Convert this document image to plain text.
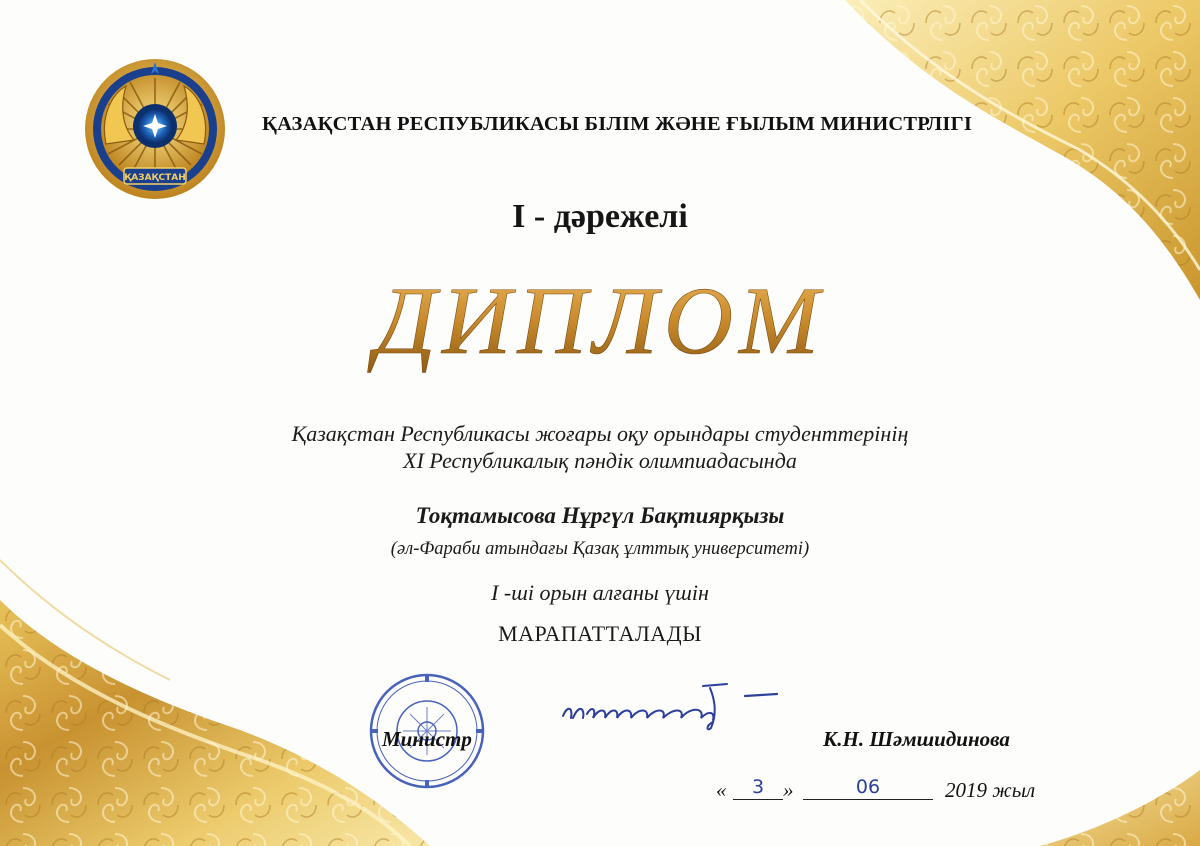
ҚАЗАҚСТАН
ҚАЗАҚСТАН РЕСПУБЛИКАСЫ БІЛІМ ЖӘНЕ ҒЫЛЫМ МИНИСТРЛІГІ
I - дәрежелі
ДИПЛОМ
Қазақстан Республикасы жоғары оқу орындары студенттерінің
XI Республикалық пәндік олимпиадасында
Тоқтамысова Нұргүл Бақтиярқызы
(әл-Фараби атындағы Қазақ ұлттық университеті)
I -ші орын алғаны үшін
МАРАПАТТАЛАДЫ
Министр	К.Н. Шәмшидинова
«	3 »	06	2019 жыл
